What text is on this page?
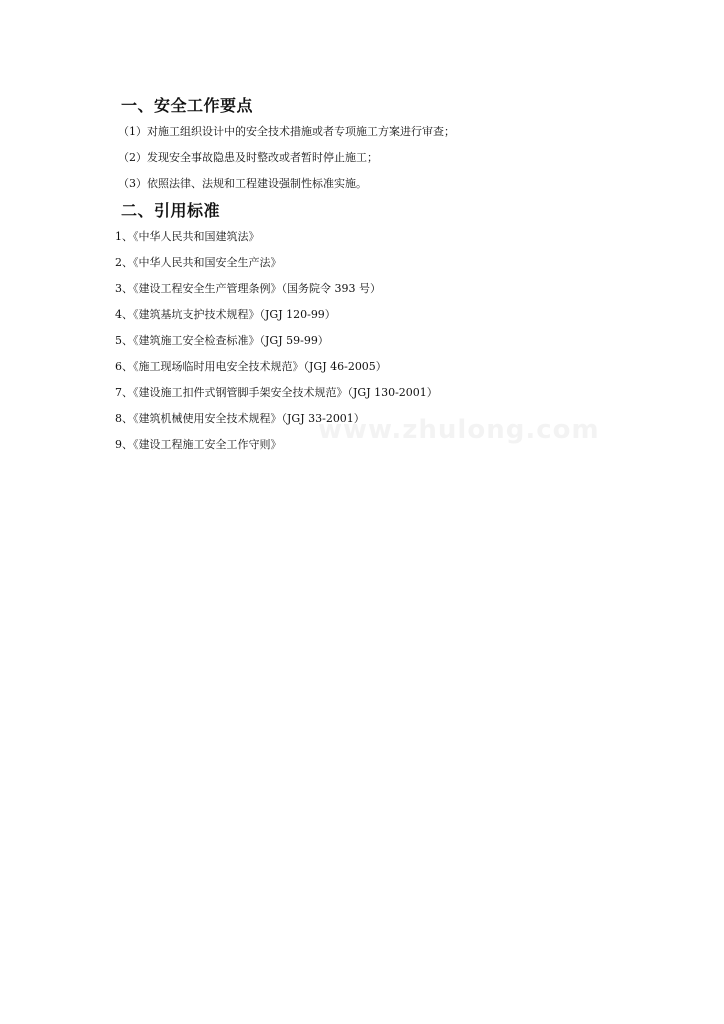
一、安全工作要点
（1）对施工组织设计中的安全技术措施或者专项施工方案进行审查；
（2）发现安全事故隐患及时整改或者暂时停止施工；
（3）依照法律、法规和工程建设强制性标准实施。
二、引用标准
1、《中华人民共和国建筑法》
2、《中华人民共和国安全生产法》
3、《建设工程安全生产管理条例》（国务院令 393 号）
4、《建筑基坑支护技术规程》（JGJ 120-99）
5、《建筑施工安全检查标准》（JGJ 59-99）
6、《施工现场临时用电安全技术规范》（JGJ 46-2005）
7、《建设施工扣件式钢管脚手架安全技术规范》（JGJ 130-2001）
8、《建筑机械使用安全技术规程》（JGJ 33-2001）
9、《建设工程施工安全工作守则》 www.zhulong.com
